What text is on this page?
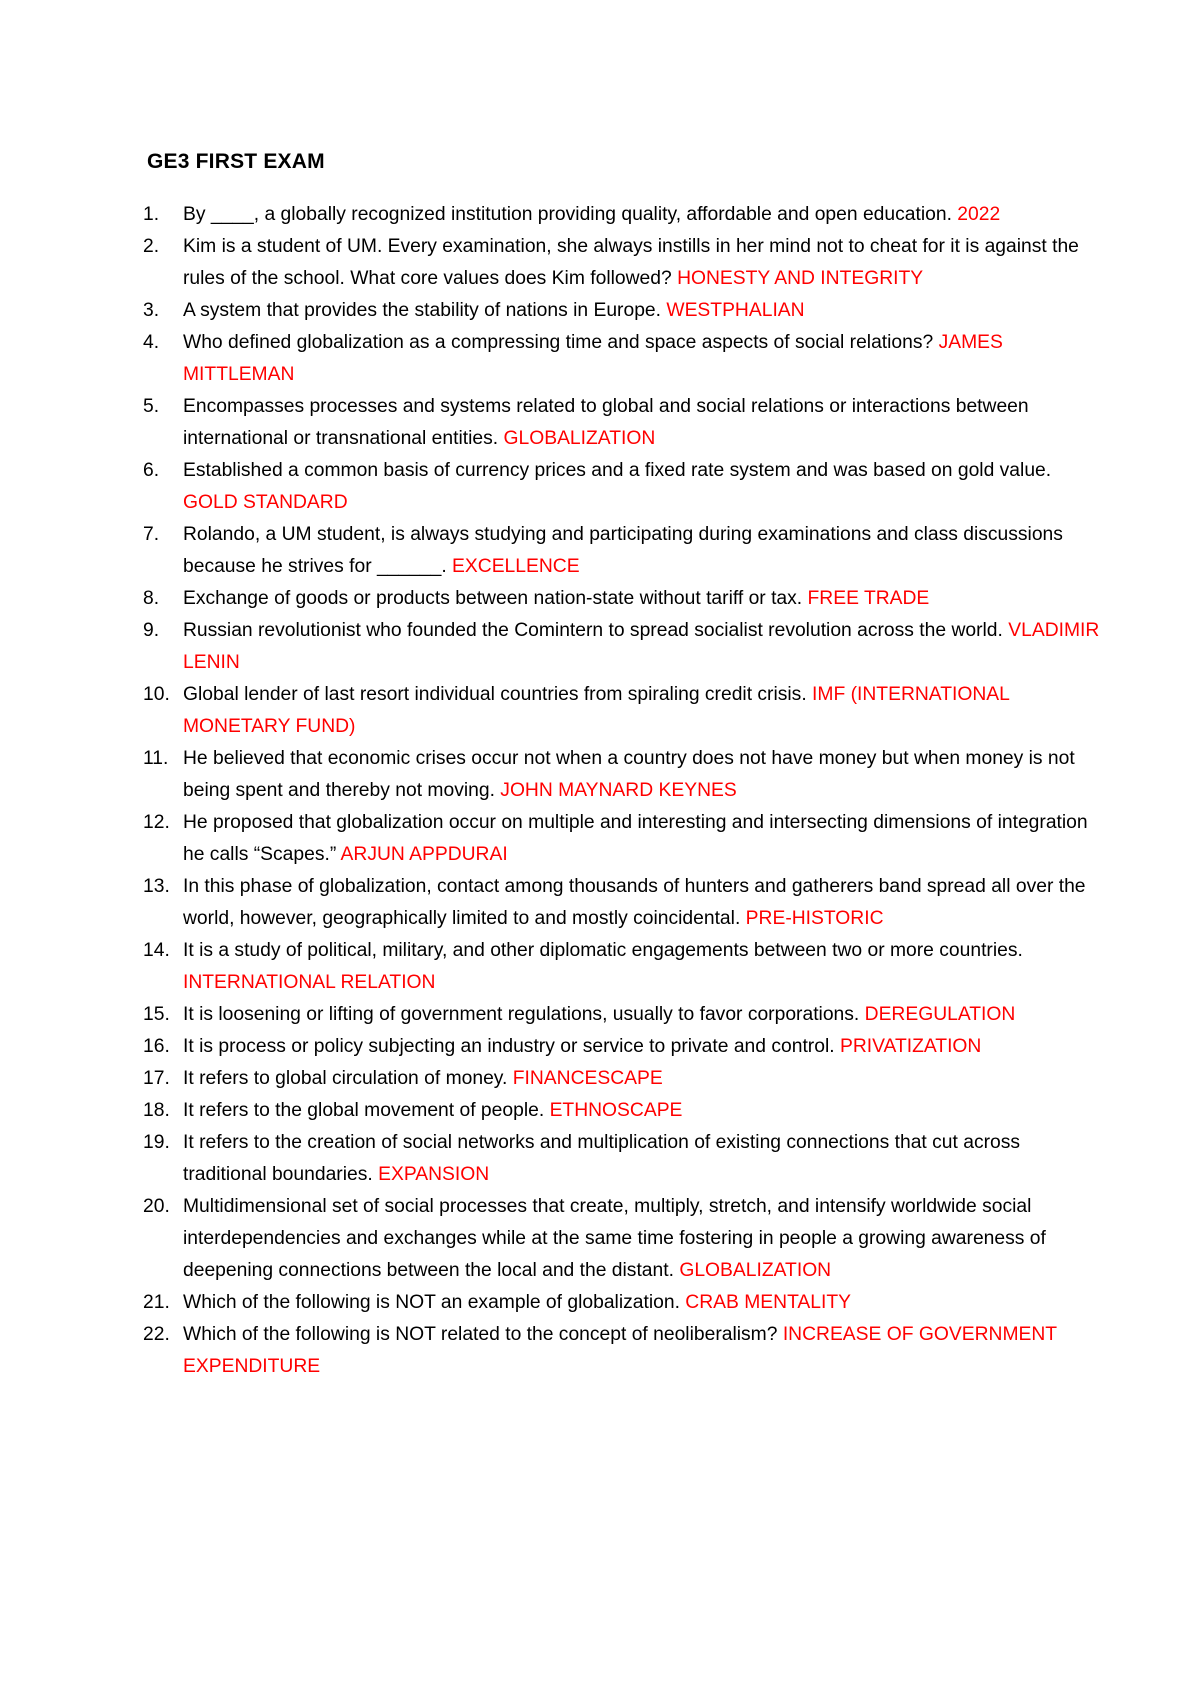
GE3 FIRST EXAM
1. By ____, a globally recognized institution providing quality, affordable and open education. 2022
2. Kim is a student of UM. Every examination, she always instills in her mind not to cheat for it is against the rules of the school. What core values does Kim followed? HONESTY AND INTEGRITY
3. A system that provides the stability of nations in Europe. WESTPHALIAN
4. Who defined globalization as a compressing time and space aspects of social relations? JAMES MITTLEMAN
5. Encompasses processes and systems related to global and social relations or interactions between international or transnational entities. GLOBALIZATION
6. Established a common basis of currency prices and a fixed rate system and was based on gold value. GOLD STANDARD
7. Rolando, a UM student, is always studying and participating during examinations and class discussions because he strives for ______. EXCELLENCE
8. Exchange of goods or products between nation-state without tariff or tax. FREE TRADE
9. Russian revolutionist who founded the Comintern to spread socialist revolution across the world. VLADIMIR LENIN
10. Global lender of last resort individual countries from spiraling credit crisis. IMF (INTERNATIONAL MONETARY FUND)
11. He believed that economic crises occur not when a country does not have money but when money is not being spent and thereby not moving. JOHN MAYNARD KEYNES
12. He proposed that globalization occur on multiple and interesting and intersecting dimensions of integration he calls “Scapes.” ARJUN APPDURAI
13. In this phase of globalization, contact among thousands of hunters and gatherers band spread all over the world, however, geographically limited to and mostly coincidental. PRE-HISTORIC
14. It is a study of political, military, and other diplomatic engagements between two or more countries. INTERNATIONAL RELATION
15. It is loosening or lifting of government regulations, usually to favor corporations. DEREGULATION
16. It is process or policy subjecting an industry or service to private and control. PRIVATIZATION
17. It refers to global circulation of money. FINANCESCAPE
18. It refers to the global movement of people. ETHNOSCAPE
19. It refers to the creation of social networks and multiplication of existing connections that cut across traditional boundaries. EXPANSION
20. Multidimensional set of social processes that create, multiply, stretch, and intensify worldwide social interdependencies and exchanges while at the same time fostering in people a growing awareness of deepening connections between the local and the distant. GLOBALIZATION
21. Which of the following is NOT an example of globalization. CRAB MENTALITY
22. Which of the following is NOT related to the concept of neoliberalism? INCREASE OF GOVERNMENT EXPENDITURE
